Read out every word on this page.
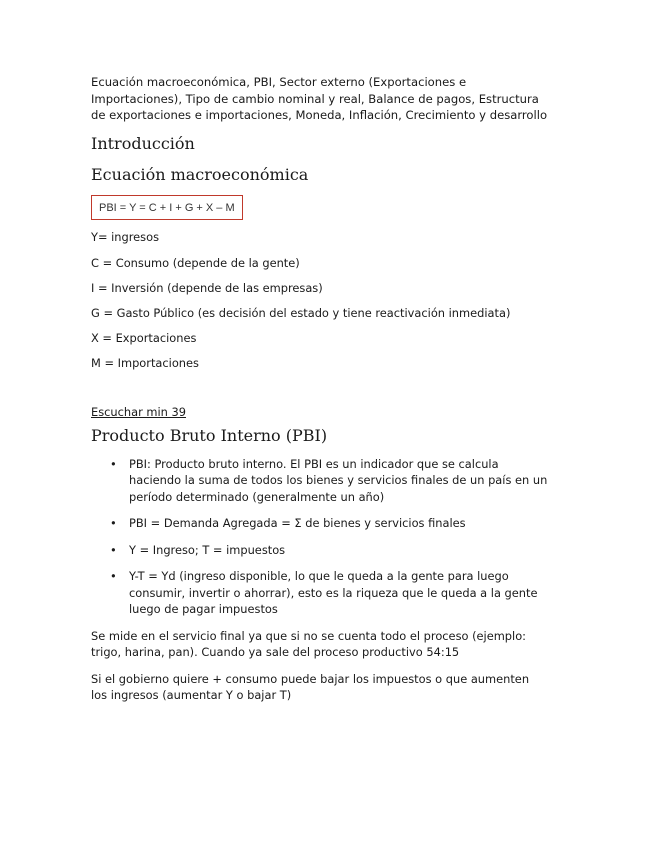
Ecuación macroeconómica, PBI, Sector externo (Exportaciones e

Importaciones), Tipo de cambio nominal y real, Balance de pagos, Estructura

de exportaciones e importaciones, Moneda, Inflación, Crecimiento y desarrollo

Introducción
Ecuación macroeconómica
PBI = Y = C + I + G + X – M

Y= ingresos

C = Consumo (depende de la gente)

I = Inversión (depende de las empresas)

G = Gasto Público (es decisión del estado y tiene reactivación inmediata)

X = Exportaciones

M = Importaciones

Escuchar min 39

Producto Bruto Interno (PBI)
• PBI: Producto bruto interno. El PBI es un indicador que se calcula
haciendo la suma de todos los bienes y servicios finales de un país en un
período determinado (generalmente un año)
• PBI = Demanda Agregada = Σ de bienes y servicios finales
• Y = Ingreso; T = impuestos
• Y-T = Yd (ingreso disponible, lo que le queda a la gente para luego
consumir, invertir o ahorrar), esto es la riqueza que le queda a la gente
luego de pagar impuestos
Se mide en el servicio final ya que si no se cuenta todo el proceso (ejemplo:
trigo, harina, pan). Cuando ya sale del proceso productivo 54:15
Si el gobierno quiere + consumo puede bajar los impuestos o que aumenten
los ingresos (aumentar Y o bajar T)
